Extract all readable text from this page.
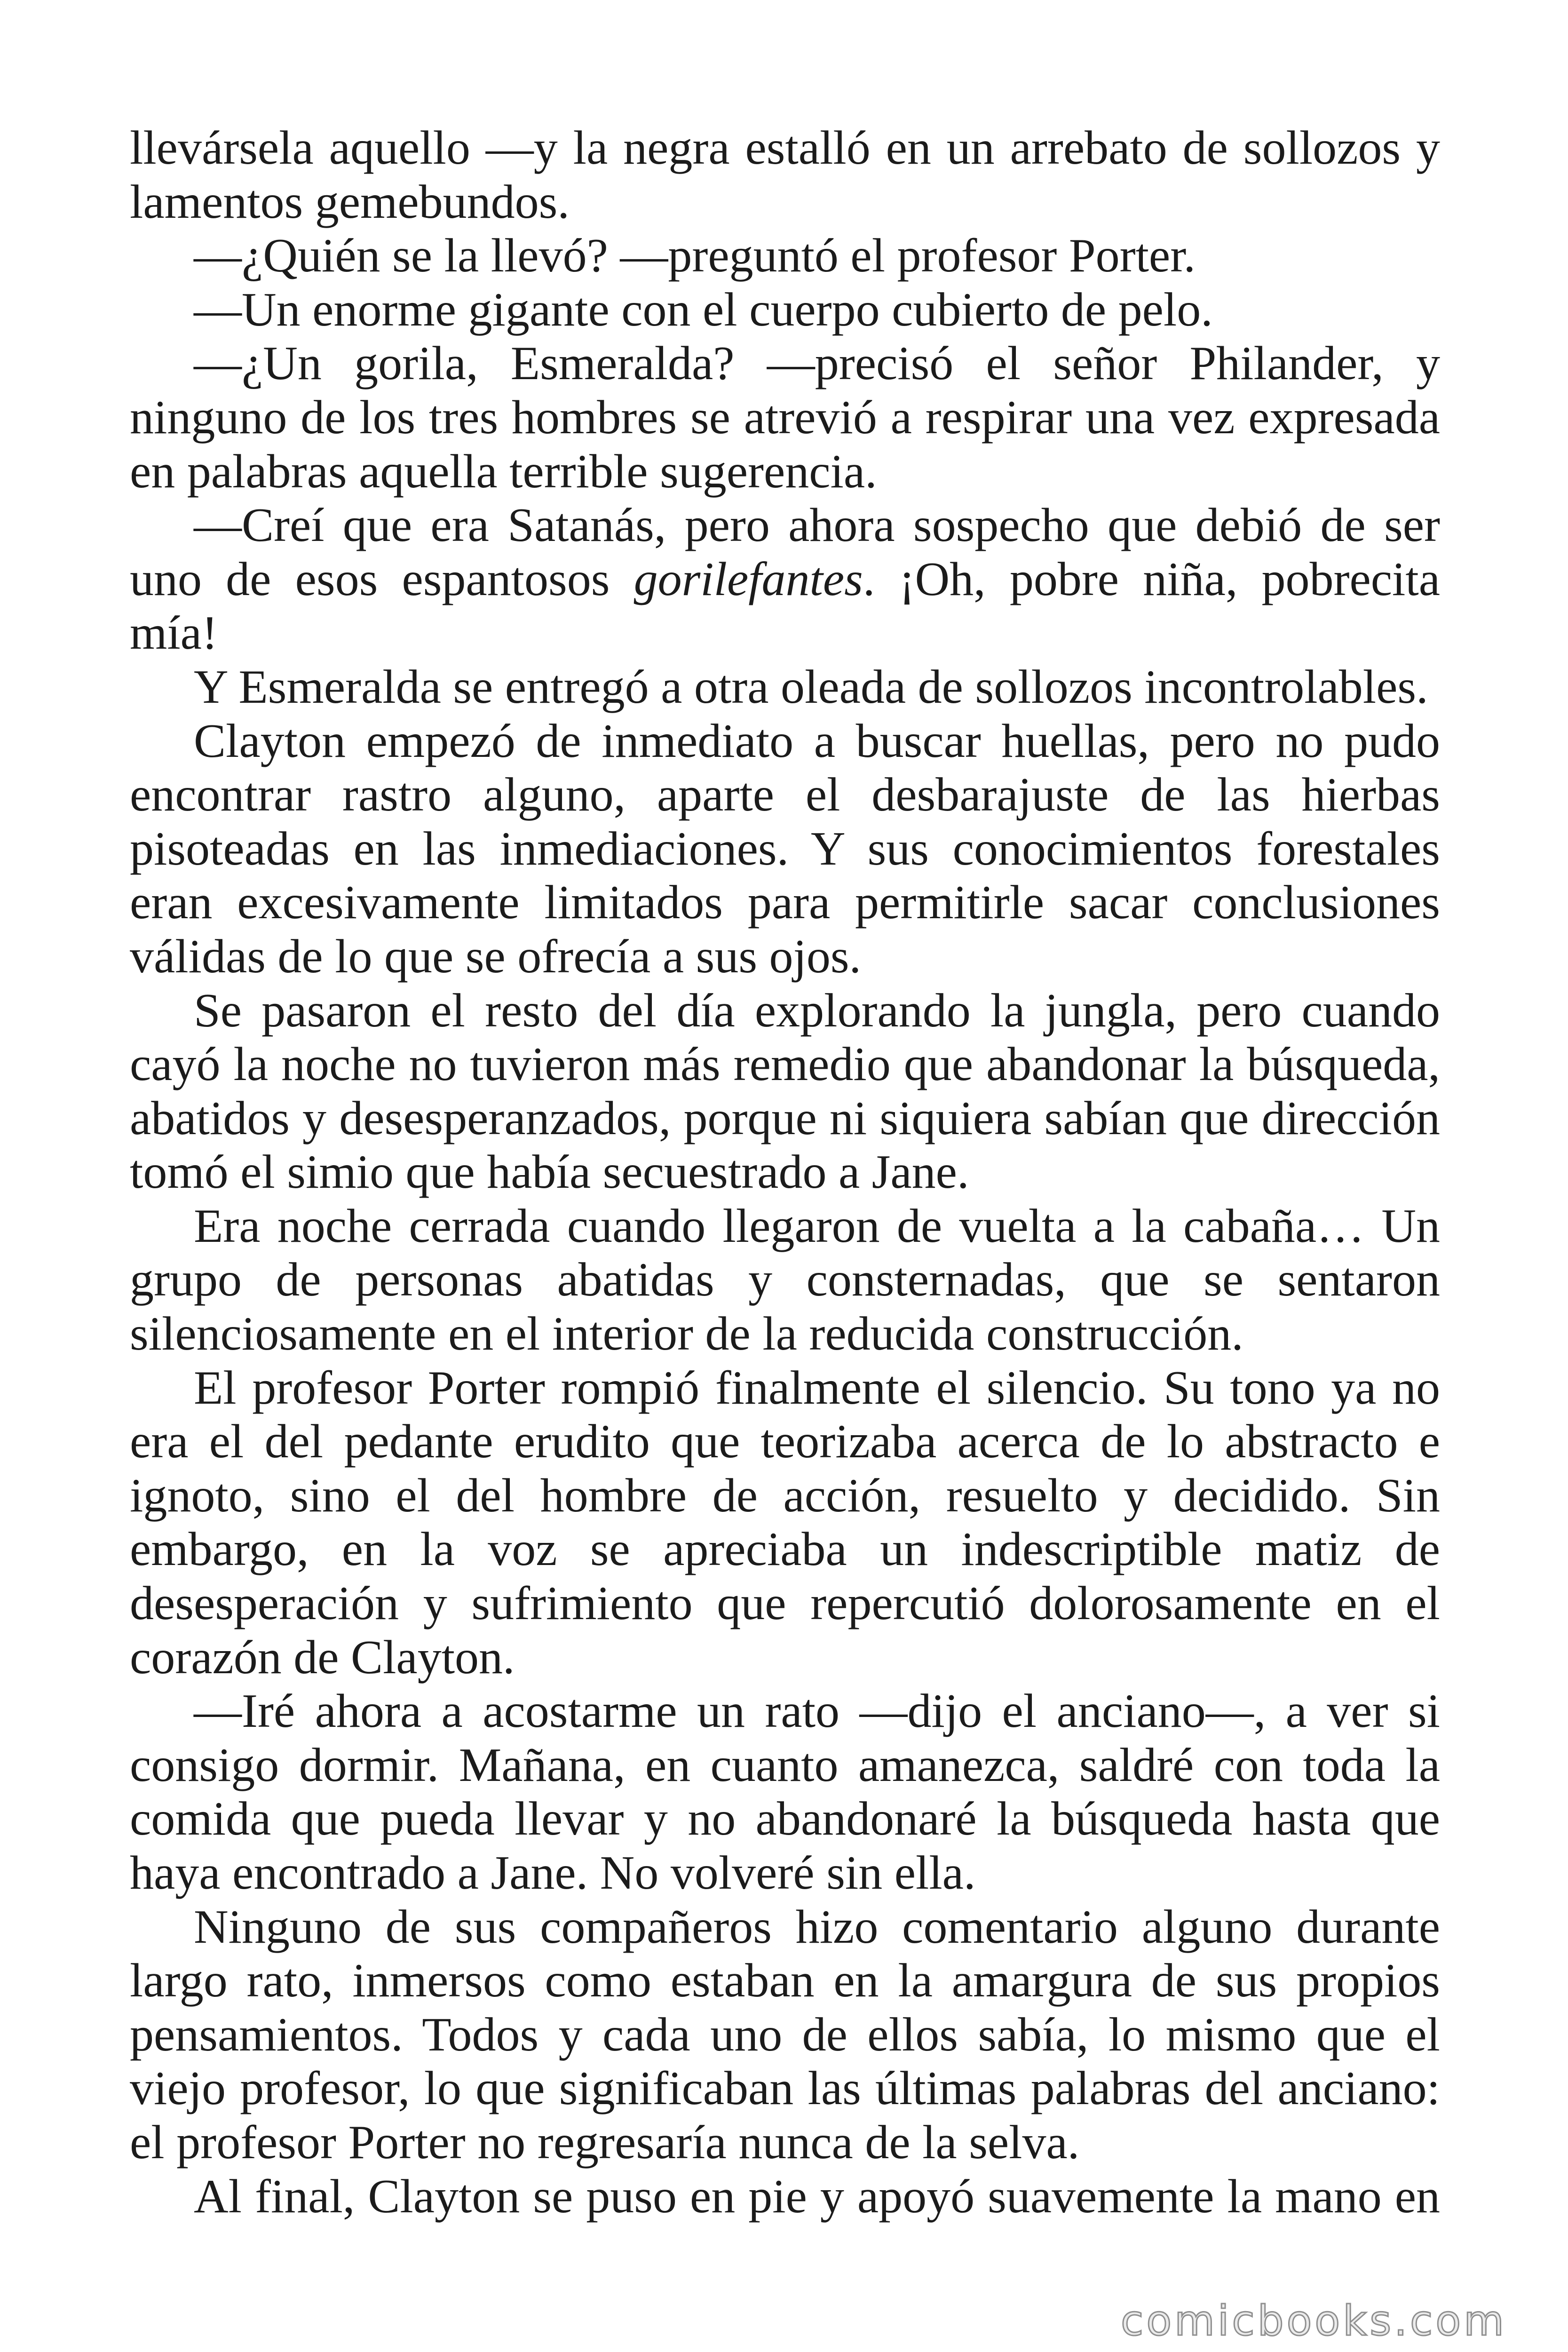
llevársela aquello —y la negra estalló en un arrebato de sollozos y lamentos gemebundos.

—¿Quién se la llevó? —preguntó el profesor Porter.

—Un enorme gigante con el cuerpo cubierto de pelo.

—¿Un gorila, Esmeralda? —precisó el señor Philander, y ninguno de los tres hombres se atrevió a respirar una vez expresada en palabras aquella terrible sugerencia.

—Creí que era Satanás, pero ahora sospecho que debió de ser uno de esos espantosos gorilefantes. ¡Oh, pobre niña, pobrecita mía!

Y Esmeralda se entregó a otra oleada de sollozos incontrolables.

Clayton empezó de inmediato a buscar huellas, pero no pudo encontrar rastro alguno, aparte el desbarajuste de las hierbas pisoteadas en las inmediaciones. Y sus conocimientos forestales eran excesivamente limitados para permitirle sacar conclusiones válidas de lo que se ofrecía a sus ojos.

Se pasaron el resto del día explorando la jungla, pero cuando cayó la noche no tuvieron más remedio que abandonar la búsqueda, abatidos y desesperanzados, porque ni siquiera sabían que dirección tomó el simio que había secuestrado a Jane.

Era noche cerrada cuando llegaron de vuelta a la cabaña… Un grupo de personas abatidas y consternadas, que se sentaron silenciosamente en el interior de la reducida construcción.

El profesor Porter rompió finalmente el silencio. Su tono ya no era el del pedante erudito que teorizaba acerca de lo abstracto e ignoto, sino el del hombre de acción, resuelto y decidido. Sin embargo, en la voz se apreciaba un indescriptible matiz de desesperación y sufrimiento que repercutió dolorosamente en el corazón de Clayton.

—Iré ahora a acostarme un rato —dijo el anciano—, a ver si consigo dormir. Mañana, en cuanto amanezca, saldré con toda la comida que pueda llevar y no abandonaré la búsqueda hasta que haya encontrado a Jane. No volveré sin ella.

Ninguno de sus compañeros hizo comentario alguno durante largo rato, inmersos como estaban en la amargura de sus propios pensamientos. Todos y cada uno de ellos sabía, lo mismo que el viejo profesor, lo que significaban las últimas palabras del anciano: el profesor Porter no regresaría nunca de la selva.

Al final, Clayton se puso en pie y apoyó suavemente la mano en

comicbooks.com
